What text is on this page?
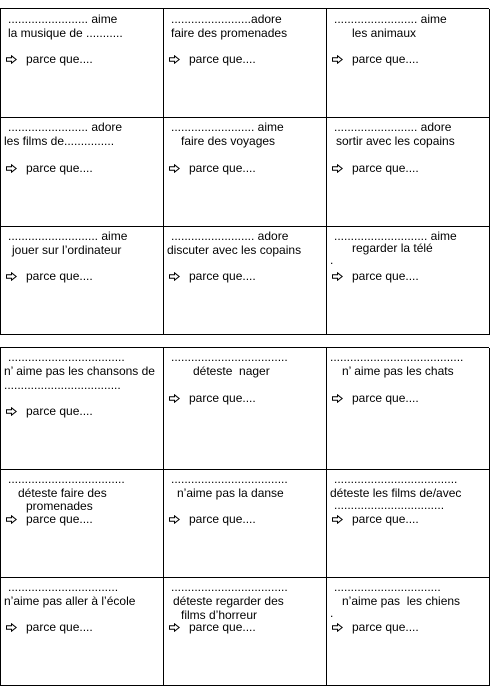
........................ aime
la musique de ...........
parce que....
........................adore
faire des promenades
parce que....
......................... aime
les animaux
parce que....
........................ adore
les films de...............
parce que....
......................... aime
faire des voyages
parce que....
......................... adore
sortir avec les copains
parce que....
........................... aime
jouer sur l’ordinateur
parce que....
......................... adore
discuter avec les copains
parce que....
............................ aime
regarder la télé
.
parce que....
...................................
n’ aime pas les chansons de
...................................
parce que....
...................................
déteste  nager
parce que....
........................................
n’ aime pas les chats
parce que....
...................................
déteste faire des
promenades
parce que....
...................................
n’aime pas la danse
parce que....
.....................................
déteste les films de/avec
.................................
parce que....
.................................
n’aime pas aller à l’école
parce que....
...................................
déteste regarder des
films d’horreur
parce que....
................................
n’aime pas  les chiens
.
parce que....
